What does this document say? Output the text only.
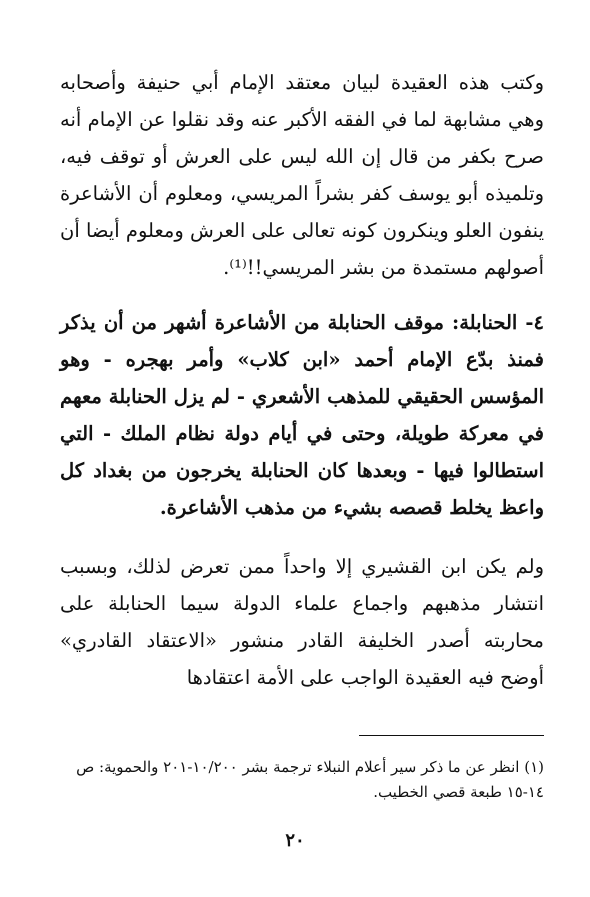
وكتب هذه العقيدة لبيان معتقد الإمام أبي حنيفة وأصحابه وهي مشابهة لما في الفقه الأكبر عنه وقد نقلوا عن الإمام أنه صرح بكفر من قال إن الله ليس على العرش أو توقف فيه، وتلميذه أبو يوسف كفر بشراً المريسي، ومعلوم أن الأشاعرة ينفون العلو وينكرون كونه تعالى على العرش ومعلوم أيضا أن أصولهم مستمدة من بشر المريسي!!⁽¹⁾.

٤- الحنابلة: موقف الحنابلة من الأشاعرة أشهر من أن يذكر فمنذ بدّع الإمام أحمد «ابن كلاب» وأمر بهجره - وهو المؤسس الحقيقي للمذهب الأشعري - لم يزل الحنابلة معهم في معركة طويلة، وحتى في أيام دولة نظام الملك - التي استطالوا فيها - وبعدها كان الحنابلة يخرجون من بغداد كل واعظ يخلط قصصه بشيء من مذهب الأشاعرة.

ولم يكن ابن القشيري إلا واحداً ممن تعرض لذلك، وبسبب انتشار مذهبهم واجماع علماء الدولة سيما الحنابلة على محاربته أصدر الخليفة القادر منشور «الاعتقاد القادري» أوضح فيه العقيدة الواجب على الأمة اعتقادها

(١) انظر عن ما ذكر سير أعلام النبلاء ترجمة بشر ١٠/٢٠٠-٢٠١ والحموية: ص ١٤-١٥ طبعة قصي الخطيب.

٢٠
